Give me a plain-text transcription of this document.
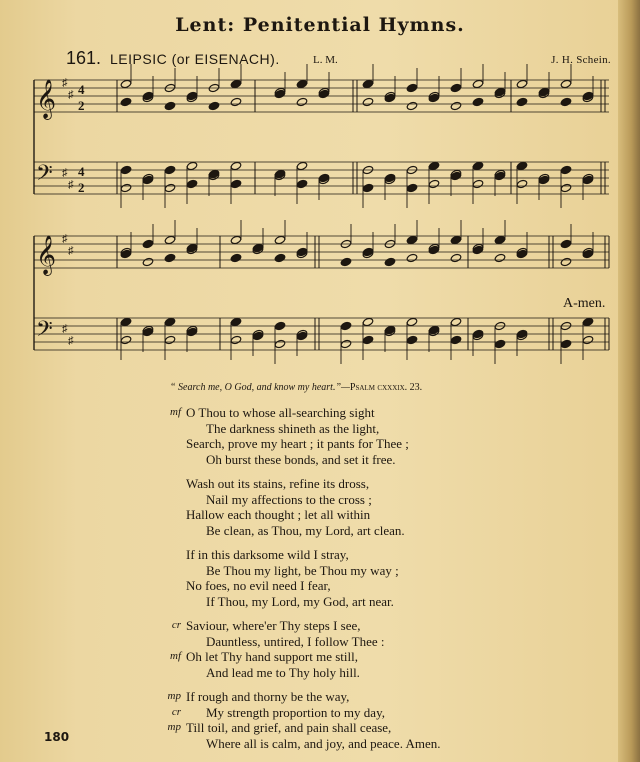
Lent: Penitential Hymns.
161. LEIPSIC (or EISENACH).	L. M.	J. H. Schein.
𝄞 ♯
♯ 4
2
𝄢 ♯
♯
4
2
𝄞 ♯
♯
𝄢 ♯
♯
A-men.
“ Search me, O God, and know my heart.”—Psalm cxxxix. 23.
mf O Thou to whose all-searching sight
The darkness shineth as the light,
Search, prove my heart ; it pants for Thee ;
Oh burst these bonds, and set it free.
Wash out its stains, refine its dross,
Nail my affections to the cross ;
Hallow each thought ; let all within
Be clean, as Thou, my Lord, art clean.
If in this darksome wild I stray,
Be Thou my light, be Thou my way ;
No foes, no evil need I fear,
If Thou, my Lord, my God, art near.
cr Saviour, where'er Thy steps I see,
Dauntless, untired, I follow Thee :
mf Oh let Thy hand support me still,
And lead me to Thy holy hill.
mp If rough and thorny be the way,
cr My strength proportion to my day,
mp Till toil, and grief, and pain shall cease,
Where all is calm, and joy, and peace. Amen.
180
